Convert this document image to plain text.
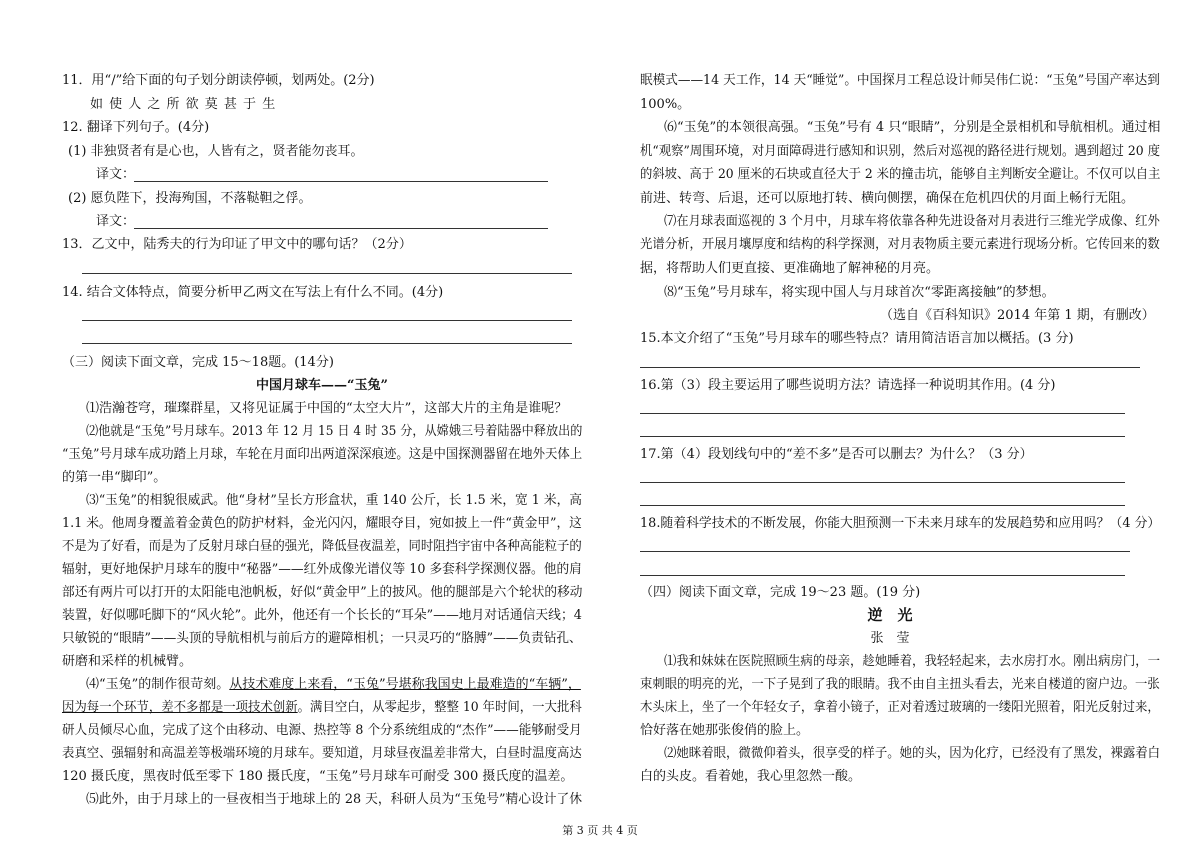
11．用“/”给下面的句子划分朗读停顿，划两处。(2分)
如 使 人 之 所 欲 莫 甚 于 生
12. 翻译下列句子。(4分)
(1) 非独贤者有是心也，人皆有之，贤者能勿丧耳。
译文：
(2) 愿负陛下，投海殉国，不落鞑靼之俘。
译文：
13．乙文中，陆秀夫的行为印证了甲文中的哪句话？（2分）
14. 结合文体特点，简要分析甲乙两文在写法上有什么不同。(4分)
（三）阅读下面文章，完成 15～18题。(14分)
中国月球车——“玉兔”
⑴浩瀚苍穹，璀璨群星，又将见证属于中国的“太空大片”，这部大片的主角是谁呢？
⑵他就是“玉兔”号月球车。2013 年 12 月 15 日 4 时 35 分，从嫦娥三号着陆器中释放出的
“玉兔”号月球车成功踏上月球，车轮在月面印出两道深深痕迹。这是中国探测器留在地外天体上
的第一串“脚印”。
⑶“玉兔”的相貌很威武。他“身材”呈长方形盒状，重 140 公斤，长 1.5 米，宽 1 米，高
1.1 米。他周身覆盖着金黄色的防护材料，金光闪闪，耀眼夺目，宛如披上一件“黄金甲”，这
不是为了好看，而是为了反射月球白昼的强光，降低昼夜温差，同时阻挡宇宙中各种高能粒子的
辐射，更好地保护月球车的腹中“秘器”——红外成像光谱仪等 10 多套科学探测仪器。他的肩
部还有两片可以打开的太阳能电池帆板，好似“黄金甲”上的披风。他的腿部是六个轮状的移动
装置，好似哪吒脚下的“风火轮”。此外，他还有一个长长的“耳朵”——地月对话通信天线；4
只敏锐的“眼睛”——头顶的导航相机与前后方的避障相机；一只灵巧的“胳膊”——负责钻孔、
研磨和采样的机械臂。
⑷“玉兔”的制作很苛刻。从技术难度上来看，“玉兔”号堪称我国史上最难造的“车辆”，
因为每一个环节，差不多都是一项技术创新。满目空白，从零起步，整整 10 年时间，一大批科
研人员倾尽心血，完成了这个由移动、电源、热控等 8 个分系统组成的“杰作”——能够耐受月
表真空、强辐射和高温差等极端环境的月球车。要知道，月球昼夜温差非常大，白昼时温度高达
120 摄氏度，黑夜时低至零下 180 摄氏度，“玉兔”号月球车可耐受 300 摄氏度的温差。
⑸此外，由于月球上的一昼夜相当于地球上的 28 天，科研人员为“玉兔号”精心设计了休
眠模式——14 天工作，14 天“睡觉”。中国探月工程总设计师吴伟仁说：“玉兔”号国产率达到
100%。
⑹“玉兔”的本领很高强。“玉兔”号有 4 只“眼睛”，分别是全景相机和导航相机。通过相
机“观察”周围环境，对月面障碍进行感知和识别，然后对巡视的路径进行规划。遇到超过 20 度
的斜坡、高于 20 厘米的石块或直径大于 2 米的撞击坑，能够自主判断安全避让。不仅可以自主
前进、转弯、后退，还可以原地打转、横向侧摆，确保在危机四伏的月面上畅行无阻。
⑺在月球表面巡视的 3 个月中，月球车将依靠各种先进设备对月表进行三维光学成像、红外
光谱分析，开展月壤厚度和结构的科学探测，对月表物质主要元素进行现场分析。它传回来的数
据，将帮助人们更直接、更准确地了解神秘的月亮。
⑻“玉兔”号月球车，将实现中国人与月球首次“零距离接触”的梦想。
（选自《百科知识》2014 年第 1 期，有删改）
15.本文介绍了“玉兔”号月球车的哪些特点？请用简洁语言加以概括。(3 分)
16.第（3）段主要运用了哪些说明方法？请选择一种说明其作用。(4 分)
17.第（4）段划线句中的“差不多”是否可以删去？为什么？（3 分）
18.随着科学技术的不断发展，你能大胆预测一下未来月球车的发展趋势和应用吗？（4 分）
（四）阅读下面文章，完成 19～23 题。(19 分)
逆　光
张　莹
⑴我和妹妹在医院照顾生病的母亲，趁她睡着，我轻轻起来，去水房打水。刚出病房门，一
束刺眼的明亮的光，一下子晃到了我的眼睛。我不由自主扭头看去，光来自楼道的窗户边。一张
木头床上，坐了一个年轻女子，拿着小镜子，正对着透过玻璃的一缕阳光照着，阳光反射过来，
恰好落在她那张俊俏的脸上。
⑵她眯着眼，微微仰着头，很享受的样子。她的头，因为化疗，已经没有了黑发，裸露着白
白的头皮。看着她，我心里忽然一酸。
第 3 页 共 4 页
